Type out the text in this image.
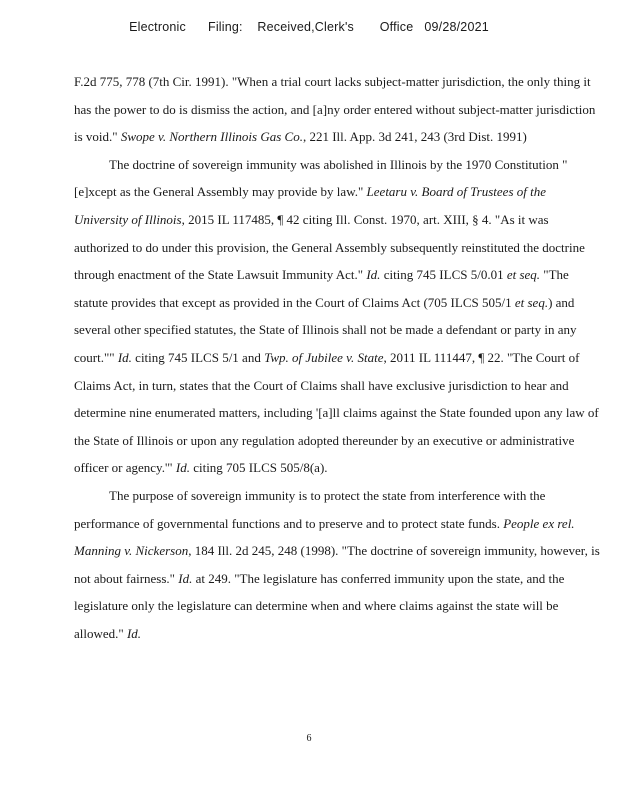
Electronic      Filing:    Received,Clerk's       Office   09/28/2021

F.2d 775, 778 (7th Cir. 1991). "When a trial court lacks subject-matter jurisdiction, the only thing it has the power to do is dismiss the action, and [a]ny order entered without subject-matter jurisdiction is void." Swope v. Northern Illinois Gas Co., 221 Ill. App. 3d 241, 243 (3rd Dist. 1991)

The doctrine of sovereign immunity was abolished in Illinois by the 1970 Constitution "[e]xcept as the General Assembly may provide by law." Leetaru v. Board of Trustees of the University of Illinois, 2015 IL 117485, ¶ 42 citing Ill. Const. 1970, art. XIII, § 4. "As it was authorized to do under this provision, the General Assembly subsequently reinstituted the doctrine through enactment of the State Lawsuit Immunity Act." Id. citing 745 ILCS 5/0.01 et seq. "The statute provides that except as provided in the Court of Claims Act (705 ILCS 505/1 et seq.) and several other specified statutes, the State of Illinois shall not be made a defendant or party in any court."" Id. citing 745 ILCS 5/1 and Twp. of Jubilee v. State, 2011 IL 111447, ¶ 22. "The Court of Claims Act, in turn, states that the Court of Claims shall have exclusive jurisdiction to hear and determine nine enumerated matters, including '[a]ll claims against the State founded upon any law of the State of Illinois or upon any regulation adopted thereunder by an executive or administrative officer or agency.'" Id. citing 705 ILCS 505/8(a).

The purpose of sovereign immunity is to protect the state from interference with the performance of governmental functions and to preserve and to protect state funds. People ex rel. Manning v. Nickerson, 184 Ill. 2d 245, 248 (1998). "The doctrine of sovereign immunity, however, is not about fairness." Id. at 249. "The legislature has conferred immunity upon the state, and the legislature only the legislature can determine when and where claims against the state will be allowed." Id.

6
